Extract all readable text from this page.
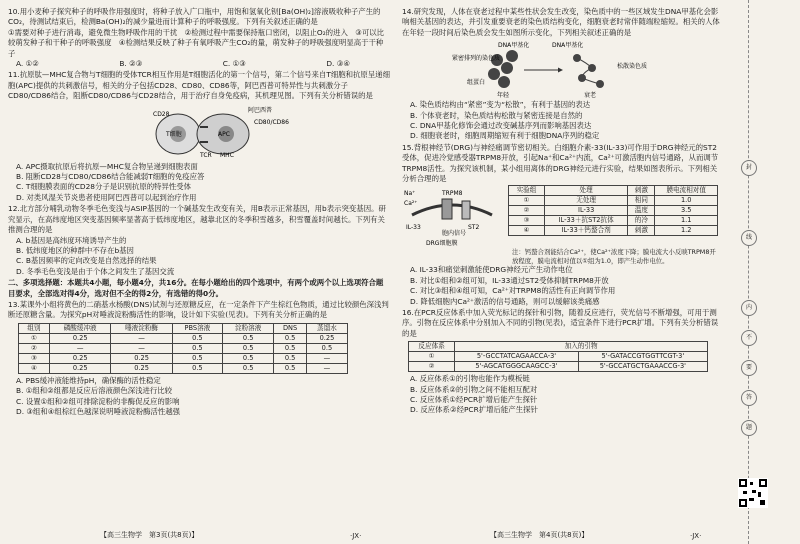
10.用小麦种子探究种子的呼吸作用强度时，将种子放入广口瓶中，用饱和氢氧化钡[Ba(OH)₂]溶液吸收种子产生的CO₂，待测试结束后，检测Ba(OH)₂的减少量进而计算种子的呼吸强度。下列有关叙述正确的是

①需要对种子进行消毒，避免微生物呼吸作用的干扰　②检测过程中需要保持瓶口密闭，以阻止O₂的进入　③可以比较萌发种子和干种子的呼吸强度　④检测结果反映了种子有氧呼吸产生CO₂的量，萌发种子的呼吸强度明显高于干种子

A. ①②	B. ②③	C. ①③	D. ③④

11.抗原肽—MHC复合物与T细胞的受体TCR相互作用是T细胞活化的第一个信号，第二个信号来自T细胞和抗原呈递细胞(APC)提供的共刺激信号，相关的分子包括CD28、CD80、CD86等，阿巴西普可特异性与共刺激分子CD80/CD86结合，阻断CD80/CD86与CD28结合，用于治疗自身免疫病，其机理见图。下列有关分析错误的是

T细胞	APC
CD28
阿巴西普
CD80/CD86
TCR MHC

A. APC摄取抗原后将抗原—MHC复合物呈递到细胞表面

B. 阻断CD28与CD80/CD86结合能减弱T细胞的免疫应答

C. T细胞膜表面的CD28分子是识别抗原的特异性受体

D. 对类风湿关节炎患者使用阿巴西普可以起到治疗作用

12.北方部分哺乳动物冬季毛色变浅与ASIP基因的一个碱基发生改变有关，用B表示正常基因，用b表示突变基因。研究显示，在高纬度地区突变基因频率显著高于低纬度地区，越靠北区的冬季积雪越多，积雪覆盖时间越长。下列有关推测合理的是

A. b基因是高纬度环境诱导产生的

B. 低纬度地区的种群中不存在b基因

C. B基因频率的定向改变是自然选择的结果

D. 冬季毛色变浅是由于个体之间发生了基因交流

二、多项选择题：本题共4小题，每小题4分，共16分。在每小题给出的四个选项中，有两个或两个以上选项符合题目要求，全部选对得4分，选对但不全的得2分，有选错的得0分。

13.某课外小组将黄色的二硝基水杨酸(DNS)试剂与还原糖反应，在一定条件下产生棕红色物质，通过比较颜色深浅判断还原糖含量。为探究pH对唾液淀粉酶活性的影响，设计如下实验(见表)。下列有关分析正确的是

组别	磷酸缓冲液	唾液淀粉酶	PBS溶液	淀粉溶液	DNS	蒸馏水
①	0.25	—	0.5	0.5	0.5	0.25
②	—	—	0.5	0.5	0.5	0.5
③	0.25	0.25	0.5	0.5	0.5	—
④	0.25	0.25	0.5	0.5	0.5	—

A. PBS缓冲液能维持pH，确保酶的活性稳定

B. ①组和②组都是反应后溶液颜色深浅进行比较

C. 设置①组和②组可排除淀粉的非酶促反应的影响

D. ③组和④组棕红色越深说明唾液淀粉酶活性越强

【高三生物学　第3页(共8页)】	·JX·

14.研究发现，人体在衰老过程中某些性状会发生改变，染色质中的一些区域发生DNA甲基化会影响相关基因的表达，并引发重要衰老的染色质结构变化，细胞衰老时常伴随端粒缩短。相关的人体在年轻一段时间后染色质会发生如图所示变化，下列相关叙述正确的是

DNA甲基化	DNA甲基化
紧密排列的染色质
松散染色质
组蛋白
年轻	衰老

A. 染色质结构由“紧密”变为“松散”，有利于基因的表达

B. 个体衰老时，染色质结构松散与紧密连接是自然的

C. DNA甲基化修饰会通过改变碱基序列而影响基因表达

D. 细胞衰老时，细胞周期缩短有利于细胞DNA序列的稳定

15.背根神经节(DRG)与神经痛调节密切相关。白细胞介素-33(IL-33)可作用于DRG神经元的ST2受体，促进冷觉感受器TRPM8开放，引起Na⁺和Ca²⁺内流，Ca²⁺可激活胞内信号通路，从而调节TRPM8活性。为探究该机制，某小组用离体的DRG神经元进行实验，结果如图表所示。下列相关分析合理的是

Na⁺
Ca²⁺
IL-33
TRPM8
ST2
胞内信号
DRG细胞膜
实验组	处理	刺激	膜电流相对值
①	无处理	相同	1.0
②	IL-33	温度	3.5
③	IL-33＋抗ST2抗体	的冷	1.1
④	IL-33＋钙螯合剂	刺激	1.2

注：钙螯合剂能结合Ca²⁺，使Ca²⁺浓度下降；膜电流大小反映TRPM8开放程度，膜电流相对值以①组为1.0，即产生动作电位。

A. IL-33和痛觉刺激能使DRG神经元产生动作电位

B. 对比①组和②组可知，IL-33通过ST2受体抑制TRPM8开放

C. 对比③组和④组可知，Ca²⁺对TRPM8的活性有正向调节作用

D. 降低细胞内Ca²⁺激活的信号通路，则可以缓解该类痛感

16.在PCR反应体系中加入荧光标记的探针和引物，随着反应进行，荧光信号不断增强，可用于测序。引物在反应体系中分别加入不同的引物(见表)，适宜条件下进行PCR扩增。下列有关分析错误的是

反应体系	加入的引物	
①	5'-GCCTATCAGAACCA-3'	5'-GATACCGTGGTTCGT-3'
②	5'-AGCATGGGCAAGCC-3'	5'-GCCATGCTGAAACCG-3'

A. 反应体系①的引物也能作为模板链

B. 反应体系②的引物之间不能相互配对

C. 反应体系①经PCR扩增后能产生探针

D. 反应体系②经PCR扩增后能产生探针

【高三生物学　第4页(共8页)】	·JX·
封
线
内
不
要
答
题
